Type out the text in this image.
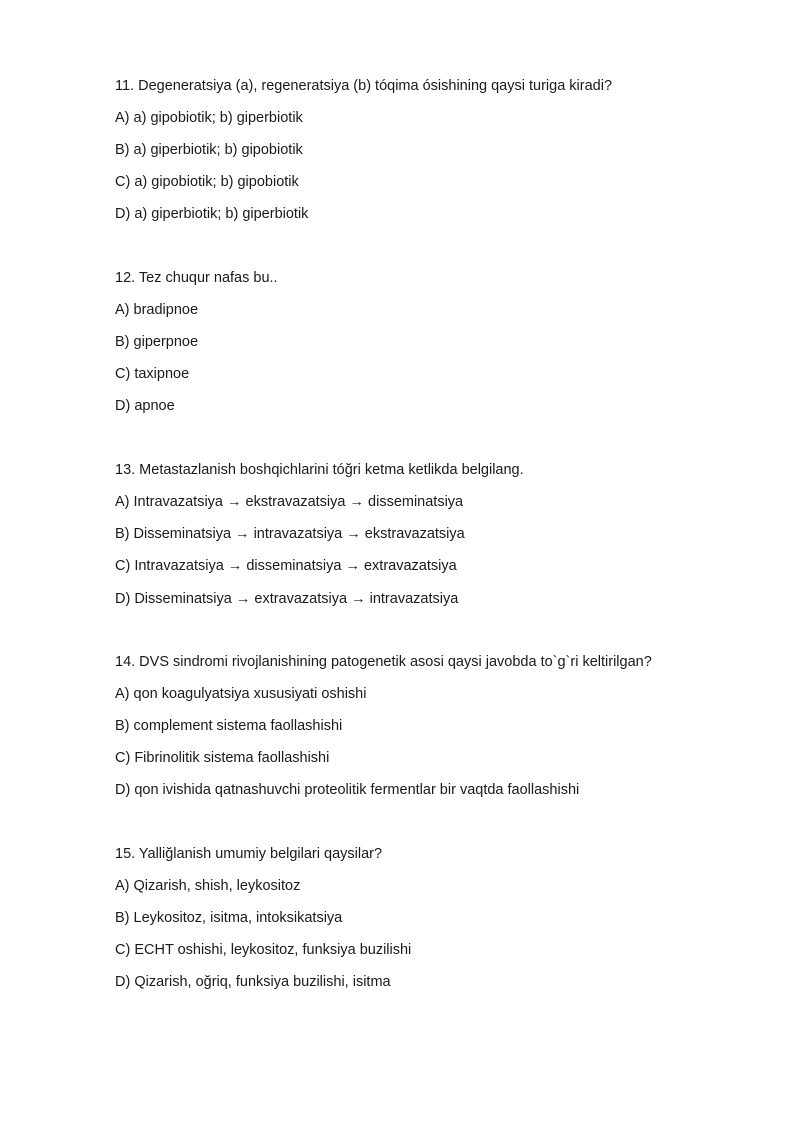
11. Degeneratsiya (a), regeneratsiya (b) tóqima ósishining qaysi turiga kiradi?
A) a) gipobiotik; b) giperbiotik
B) a) giperbiotik; b) gipobiotik
C) a) gipobiotik; b) gipobiotik
D) a) giperbiotik; b) giperbiotik
12. Tez chuqur nafas bu..
A) bradipnoe
B) giperpnoe
C) taxipnoe
D) apnoe
13. Metastazlanish boshqichlarini tóğri ketma ketlikda belgilang.
A) Intravazatsiya → ekstravazatsiya → disseminatsiya
B) Disseminatsiya → intravazatsiya → ekstravazatsiya
C) Intravazatsiya → disseminatsiya → extravazatsiya
D) Disseminatsiya → extravazatsiya → intravazatsiya
14. DVS sindromi rivojlanishining patogenetik asosi qaysi javobda to`g`ri keltirilgan?
A) qon koagulyatsiya xususiyati oshishi
B) complement sistema faollashishi
C) Fibrinolitik sistema faollashishi
D) qon ivishida qatnashuvchi proteolitik fermentlar bir vaqtda faollashishi
15. Yalliğlanish umumiy belgilari qaysilar?
A) Qizarish, shish, leykositoz
B) Leykositoz, isitma, intoksikatsiya
C) ECHT oshishi, leykositoz, funksiya buzilishi
D) Qizarish, oğriq, funksiya buzilishi, isitma
